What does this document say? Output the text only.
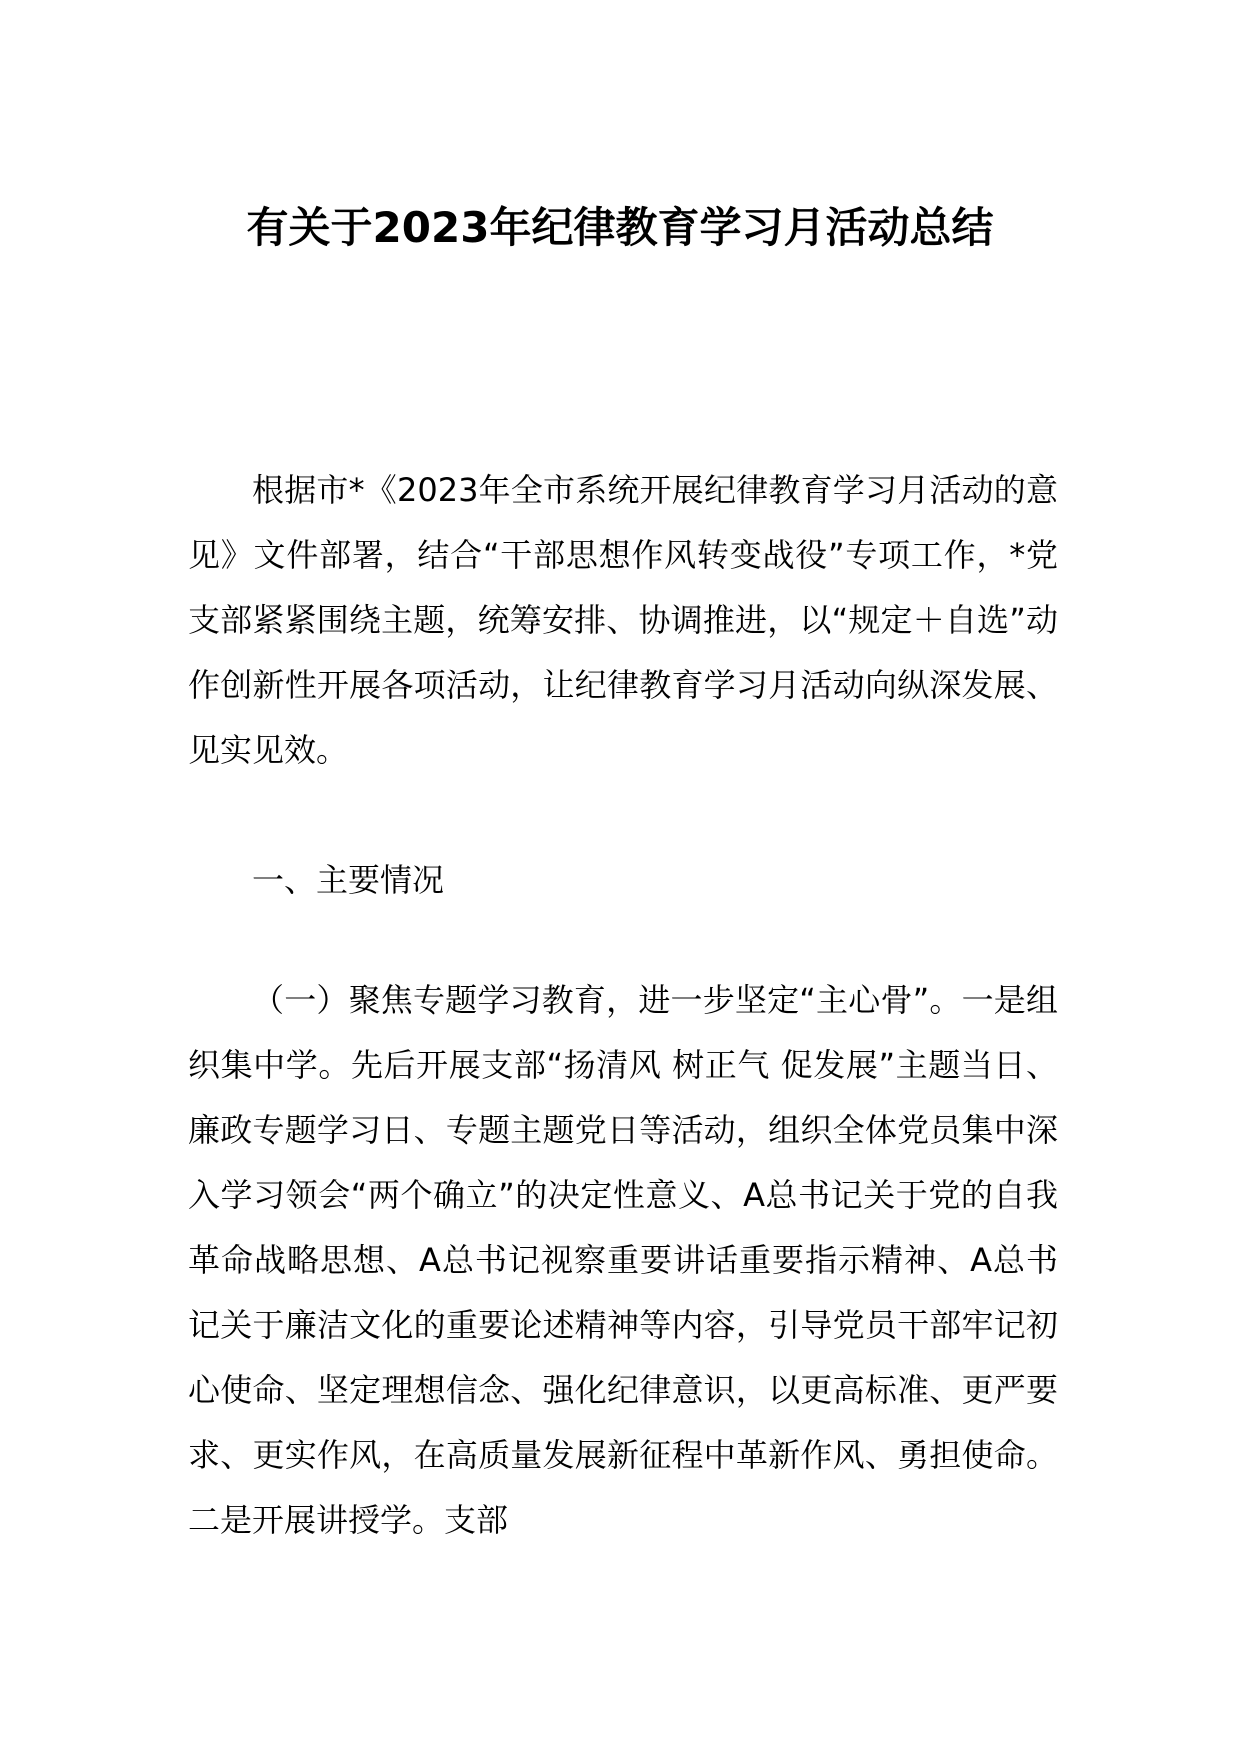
有关于2023年纪律教育学习月活动总结

根据市*《2023年全市系统开展纪律教育学习月活动的意见》文件部署，结合“干部思想作风转变战役”专项工作，*党支部紧紧围绕主题，统筹安排、协调推进，以“规定＋自选”动作创新性开展各项活动，让纪律教育学习月活动向纵深发展、见实见效。

一、主要情况

（一）聚焦专题学习教育，进一步坚定“主心骨”。一是组织集中学。先后开展支部“扬清风 树正气 促发展”主题当日、廉政专题学习日、专题主题党日等活动，组织全体党员集中深入学习领会“两个确立”的决定性意义、A总书记关于党的自我革命战略思想、A总书记视察重要讲话重要指示精神、A总书记关于廉洁文化的重要论述精神等内容，引导党员干部牢记初心使命、坚定理想信念、强化纪律意识，以更高标准、更严要求、更实作风，在高质量发展新征程中革新作风、勇担使命。二是开展讲授学。支部
